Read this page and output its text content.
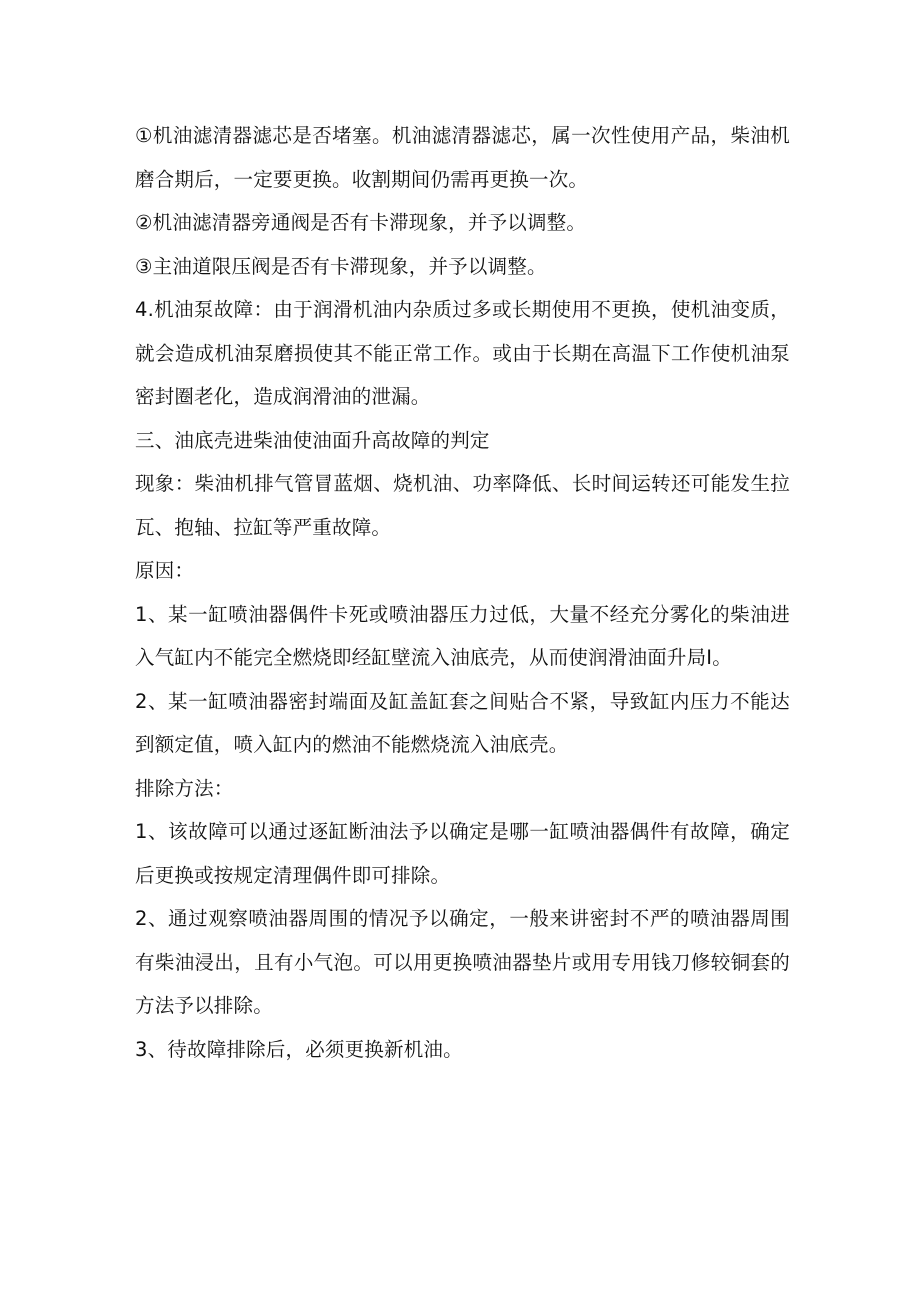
①机油滤清器滤芯是否堵塞。机油滤清器滤芯，属一次性使用产品，柴油机磨合期后，一定要更换。收割期间仍需再更换一次。

②机油滤清器旁通阀是否有卡滞现象，并予以调整。

③主油道限压阀是否有卡滞现象，并予以调整。

4.机油泵故障：由于润滑机油内杂质过多或长期使用不更换，使机油变质，就会造成机油泵磨损使其不能正常工作。或由于长期在高温下工作使机油泵密封圈老化，造成润滑油的泄漏。

三、油底壳进柴油使油面升高故障的判定

现象：柴油机排气管冒蓝烟、烧机油、功率降低、长时间运转还可能发生拉瓦、抱轴、拉缸等严重故障。

原因：

1、某一缸喷油器偶件卡死或喷油器压力过低，大量不经充分雾化的柴油进入气缸内不能完全燃烧即经缸壁流入油底壳，从而使润滑油面升局I。

2、某一缸喷油器密封端面及缸盖缸套之间贴合不紧，导致缸内压力不能达到额定值，喷入缸内的燃油不能燃烧流入油底壳。

排除方法：

1、该故障可以通过逐缸断油法予以确定是哪一缸喷油器偶件有故障，确定后更换或按规定清理偶件即可排除。

2、通过观察喷油器周围的情况予以确定，一般来讲密封不严的喷油器周围有柴油浸出，且有小气泡。可以用更换喷油器垫片或用专用钱刀修较铜套的方法予以排除。

3、待故障排除后，必须更换新机油。
